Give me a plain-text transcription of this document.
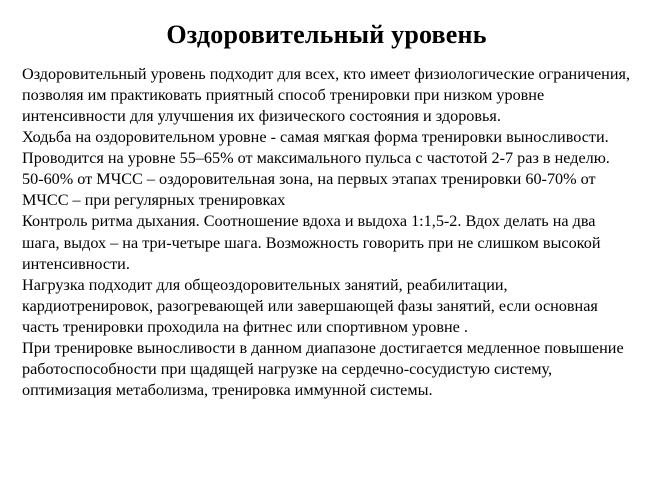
Оздоровительный уровень

Оздоровительный уровень подходит для всех, кто имеет физиологические ограничения, позволяя им практиковать приятный способ тренировки при низком уровне интенсивности для улучшения их физического состояния и здоровья.

Ходьба на оздоровительном уровне - самая мягкая форма тренировки выносливости. Проводится на уровне 55–65% от максимального пульса с частотой 2-7 раз в неделю.

50-60% от МЧСС – оздоровительная зона, на первых этапах тренировки 60-70% от МЧСС – при регулярных тренировках

Контроль ритма дыхания. Соотношение вдоха и выдоха 1:1,5-2. Вдох делать на два шага, выдох – на три-четыре шага. Возможность говорить при не слишком высокой интенсивности.

Нагрузка подходит для общеоздоровительных занятий, реабилитации, кардиотренировок, разогревающей или завершающей фазы занятий, если основная часть тренировки проходила на фитнес или спортивном уровне .

При тренировке выносливости в данном диапазоне достигается медленное повышение работоспособности при щадящей нагрузке на сердечно-сосудистую систему, оптимизация метаболизма, тренировка иммунной системы.
